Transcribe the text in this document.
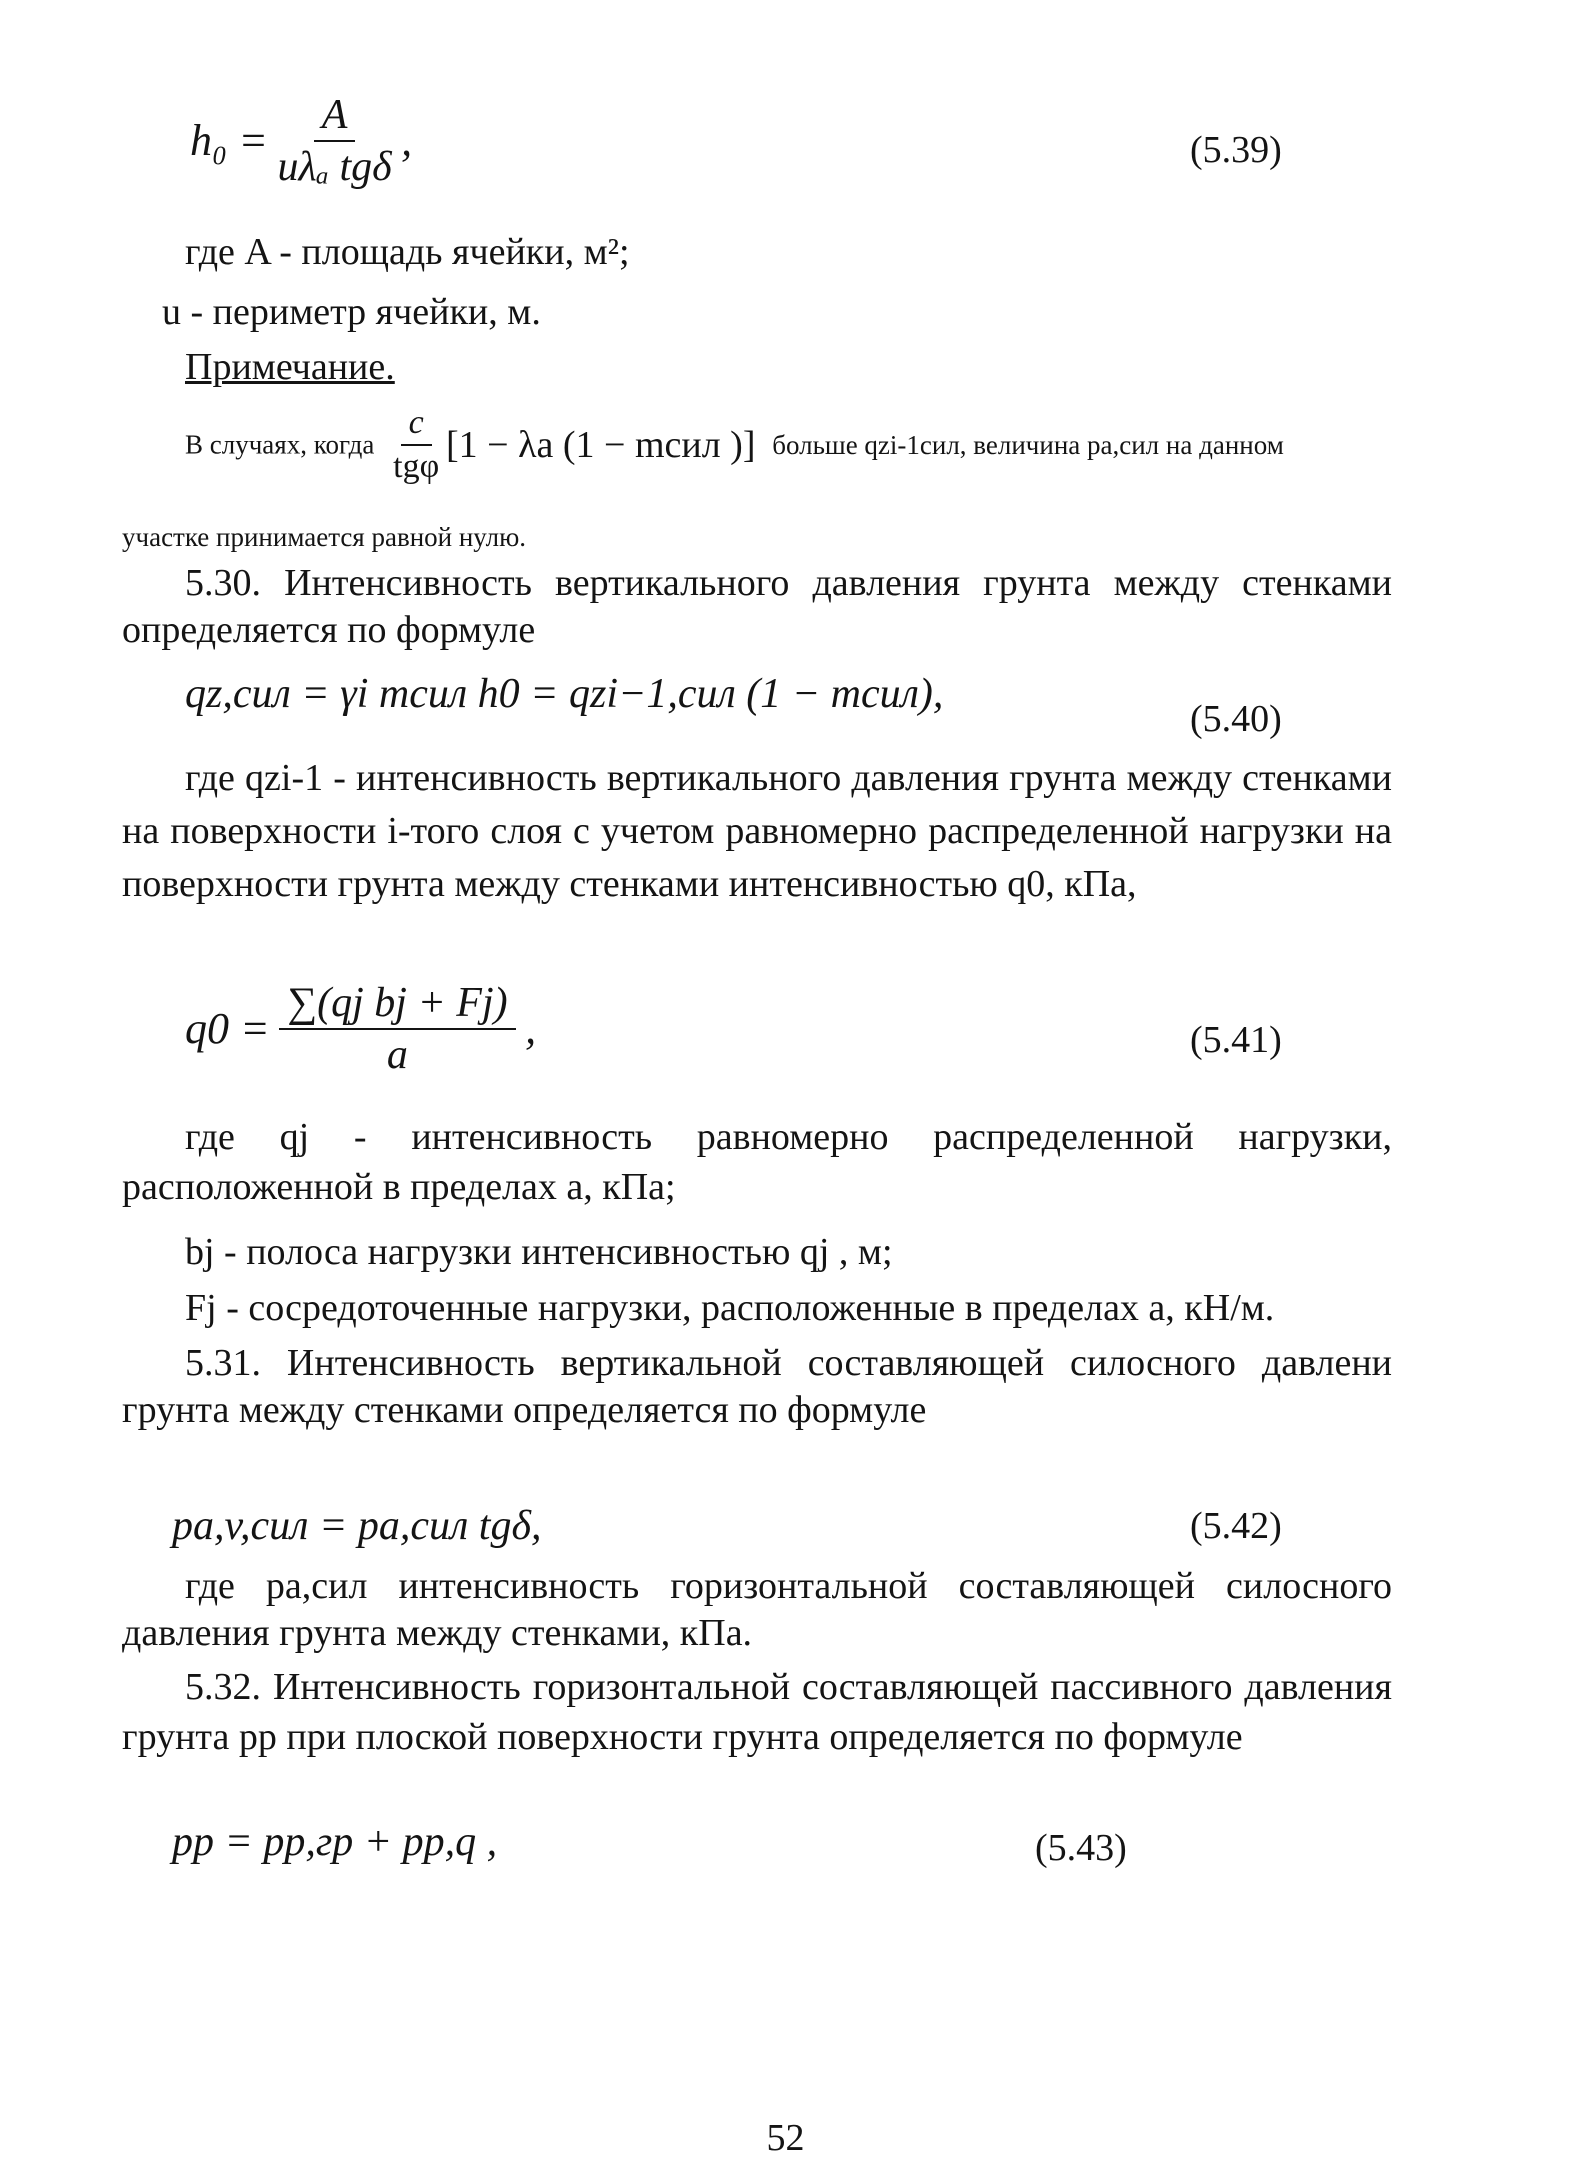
$h_0 = \frac{A}{\text{uλₐ tgδ}}$ ,	(5.39)
где A - площадь ячейки, м²;
u - периметр ячейки, м.
Примечание.
В случаях, когда $\frac{c}{\text{tgφ}} [1 - \lambda a$ (1 − mсил )] больше qzi-1сил, величина pa,сил на данном
участке принимается равной нулю.
5.30. Интенсивность вертикального давления грунта между стенками определяется по формуле
qz,сил = γi mсил h0 = qzi−1,сил (1 − mсил),
(5.40)
где qzi-1 - интенсивность вертикального давления грунта между стенками на поверхности i-того слоя с учетом равномерно распределенной нагрузки на поверхности грунта между стенками интенсивностью q0, кПа,
$q0 = \frac{\text{∑(qj bj + Fj)}}{a}$ ,	(5.41)
где qj - интенсивность равномерно распределенной нагрузки, расположенной в пределах a, кПа;
bj - полоса нагрузки интенсивностью qj , м;
Fj - сосредоточенные нагрузки, расположенные в пределах a, кН/м.
5.31. Интенсивность вертикальной составляющей силосного давлени грунта между стенками определяется по формуле
pa,v,сил = pa,сил tgδ,	(5.42)
где pa,сил интенсивность горизонтальной составляющей силосного давления грунта между стенками, кПа.
5.32. Интенсивность горизонтальной составляющей пассивного давления грунта pp при плоской поверхности грунта определяется по формуле
pp = pp,гр + pp,q ,	(5.43)
52
